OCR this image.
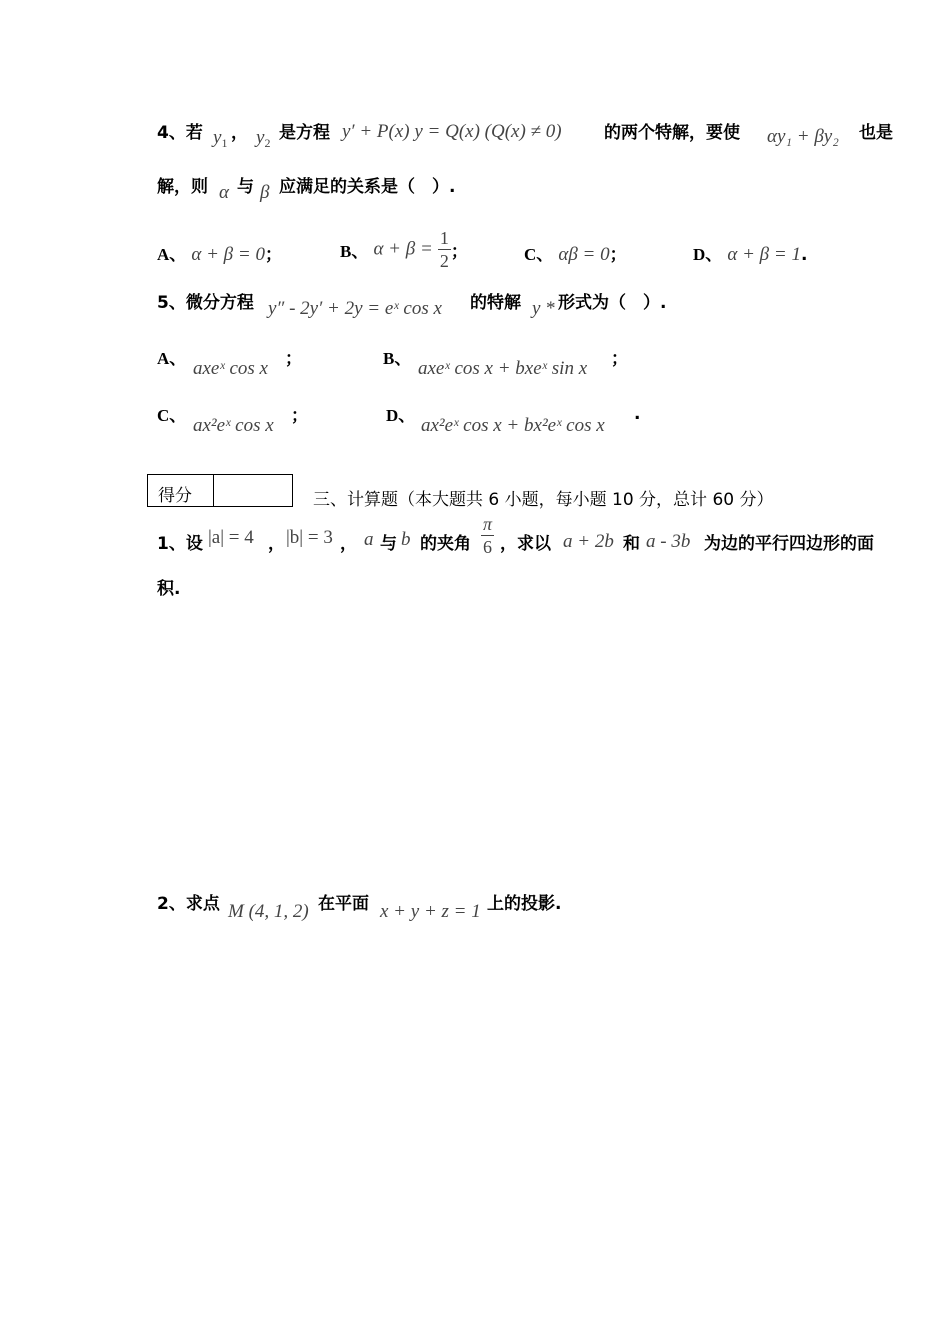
4、若 $y_1$ ， $y_2$ 是方程 y′ + P(x) y = Q(x) (Q(x) ≠ 0) 的两个特解，要使 αy₁ + βy₂ 也是
解，则 α 与 β 应满足的关系是（　）.
A、 α + β = 0；	B、 $\alpha + \beta = \frac{1}{2}$ ；	C、 αβ = 0；	D、 α + β = 1.
5、微分方程 y″ - 2y′ + 2y = eˣ cos x 的特解 y * 形式为（　）.
A、 axeˣ cos x ；	B、 axeˣ cos x + bxeˣ sin x ；
C、 ax²eˣ cos x ；	D、 ax²eˣ cos x + bx²eˣ cos x
.
得分	三、计算题（本大题共 6 小题，每小题 10 分，总计 60 分）
1、设 |a| = 4 ， |b| = 3 ， a 与 b 的夹角 $\frac{\pi}{6}$ ，求以 a + 2b 和 a - 3b 为边的平行四边形的面
积.
2、求点 M (4, 1, 2) 在平面 x + y + z = 1 上的投影.
